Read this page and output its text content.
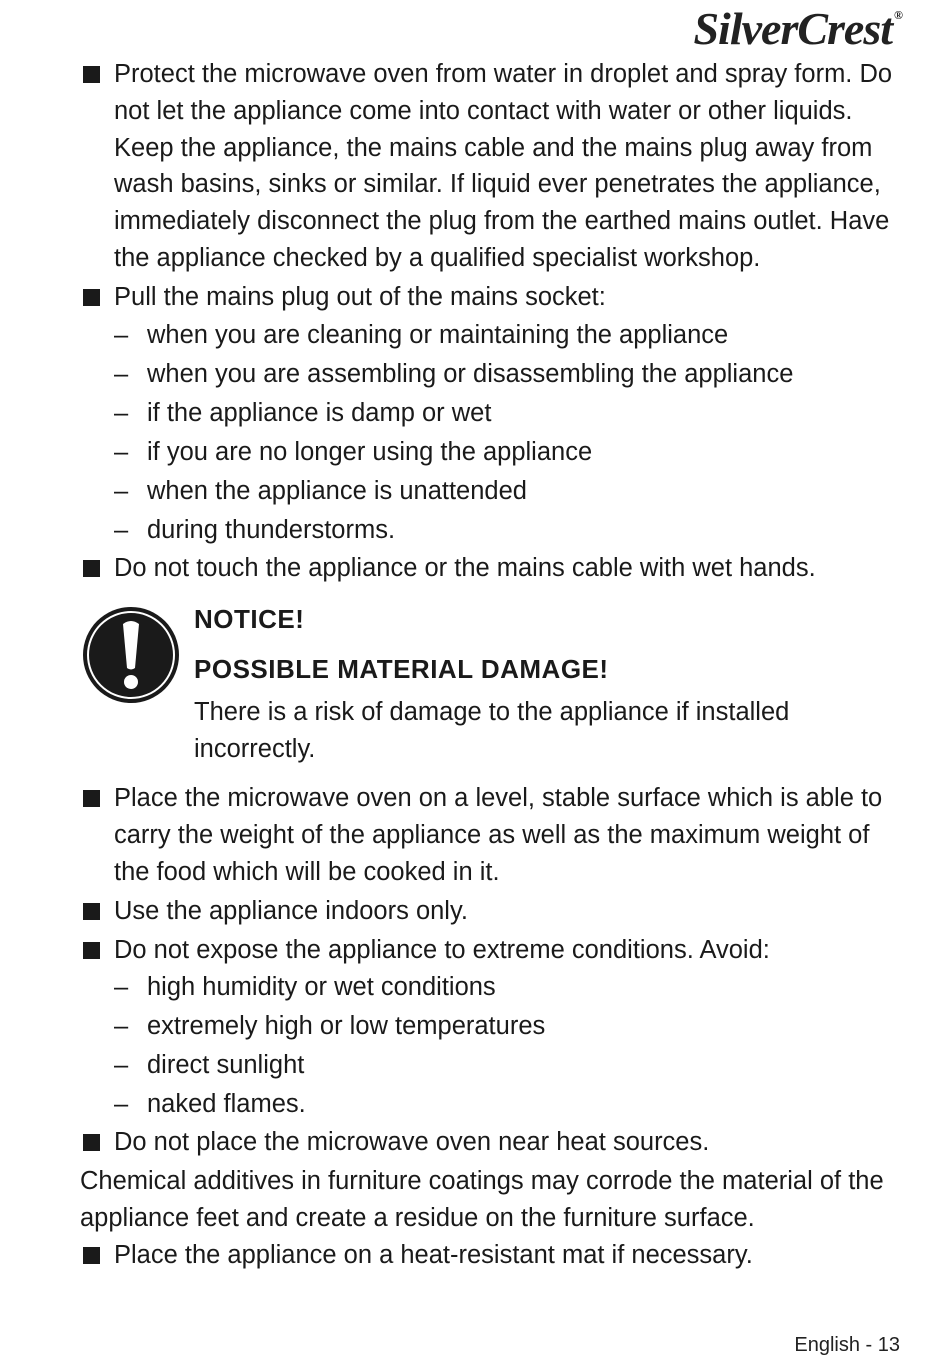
SilverCrest ®
Protect the microwave oven from water in droplet and spray form. Do not let the appliance come into contact with water or other liquids. Keep the appliance, the mains cable and the mains plug away from wash basins, sinks or similar. If liquid ever penetrates the appliance, immediately disconnect the plug from the earthed mains outlet. Have the appliance checked by a qualified specialist workshop.
Pull the mains plug out of the mains socket:
– when you are cleaning or maintaining the appliance
– when you are assembling or disassembling the appliance
– if the appliance is damp or wet
– if you are no longer using the appliance
– when the appliance is unattended
– during thunderstorms.
Do not touch the appliance or the mains cable with wet hands.
NOTICE!
POSSIBLE MATERIAL DAMAGE!
There is a risk of damage to the appliance if installed incorrectly.
Place the microwave oven on a level, stable surface which is able to carry the weight of the appliance as well as the maximum weight of the food which will be cooked in it.
Use the appliance indoors only.
Do not expose the appliance to extreme conditions. Avoid:
– high humidity or wet conditions
– extremely high or low temperatures
– direct sunlight
– naked flames.
Do not place the microwave oven near heat sources.
Chemical additives in furniture coatings may corrode the material of the appliance feet and create a residue on the furniture surface.
Place the appliance on a heat-resistant mat if necessary.
English - 13
